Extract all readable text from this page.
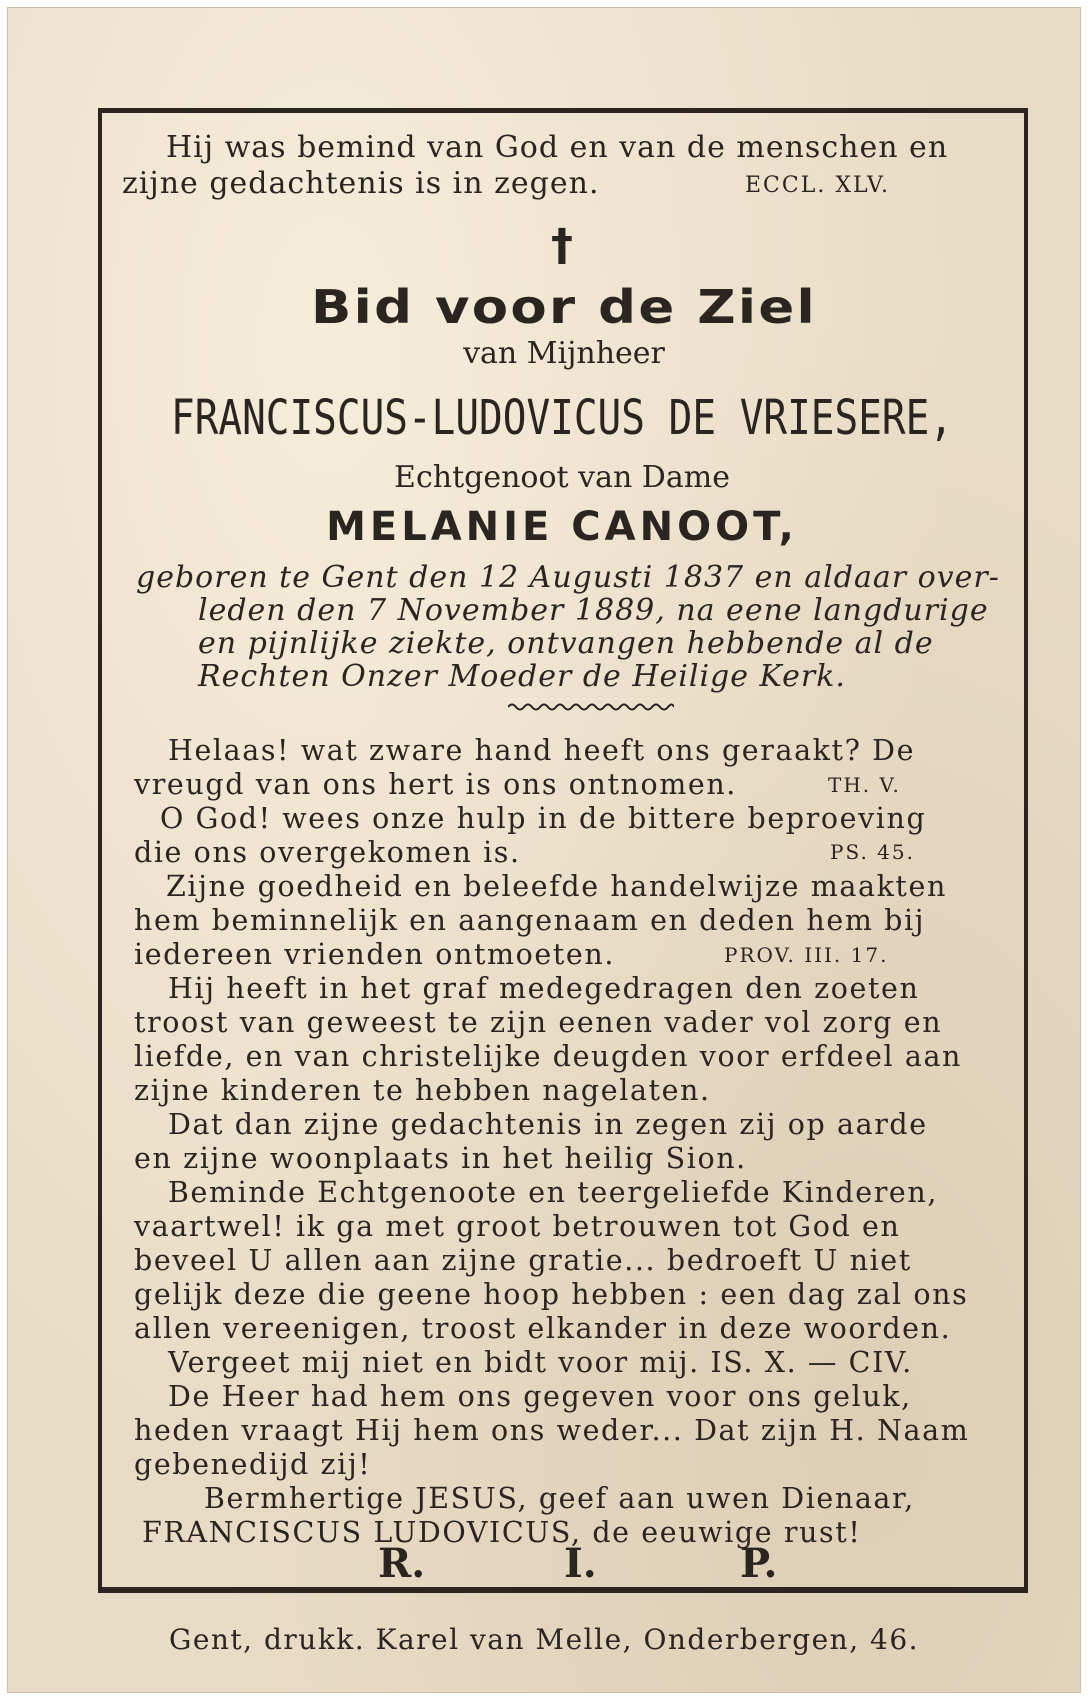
Hij was bemind van God en van de menschen en
zijne gedachtenis is in zegen.	ECCL. XLV.
†
Bid voor de Ziel
van Mijnheer
FRANCISCUS-LUDOVICUS DE VRIESERE,
Echtgenoot van Dame
MELANIE CANOOT,
geboren te Gent den 12 Augusti 1837 en aldaar over-
leden den 7 November 1889, na eene langdurige
en pijnlijke ziekte, ontvangen hebbende al de
Rechten Onzer Moeder de Heilige Kerk.
Helaas! wat zware hand heeft ons geraakt? De
vreugd van ons hert is ons ontnomen.	TH. V.
O God! wees onze hulp in de bittere beproeving
die ons overgekomen is.	PS. 45.
Zijne goedheid en beleefde handelwijze maakten
hem beminnelijk en aangenaam en deden hem bij
iedereen vrienden ontmoeten.	PROV. III. 17.
Hij heeft in het graf medegedragen den zoeten
troost van geweest te zijn eenen vader vol zorg en
liefde, en van christelijke deugden voor erfdeel aan
zijne kinderen te hebben nagelaten.
Dat dan zijne gedachtenis in zegen zij op aarde
en zijne woonplaats in het heilig Sion.
Beminde Echtgenoote en teergeliefde Kinderen,
vaartwel! ik ga met groot betrouwen tot God en
beveel U allen aan zijne gratie... bedroeft U niet
gelijk deze die geene hoop hebben : een dag zal ons
allen vereenigen, troost elkander in deze woorden.
Vergeet mij niet en bidt voor mij. IS. X. — CIV.
De Heer had hem ons gegeven voor ons geluk,
heden vraagt Hij hem ons weder... Dat zijn H. Naam
gebenedijd zij!
Bermhertige JESUS, geef aan uwen Dienaar,
FRANCISCUS LUDOVICUS, de eeuwige rust!
R.	I.	P.
Gent, drukk. Karel van Melle, Onderbergen, 46.
